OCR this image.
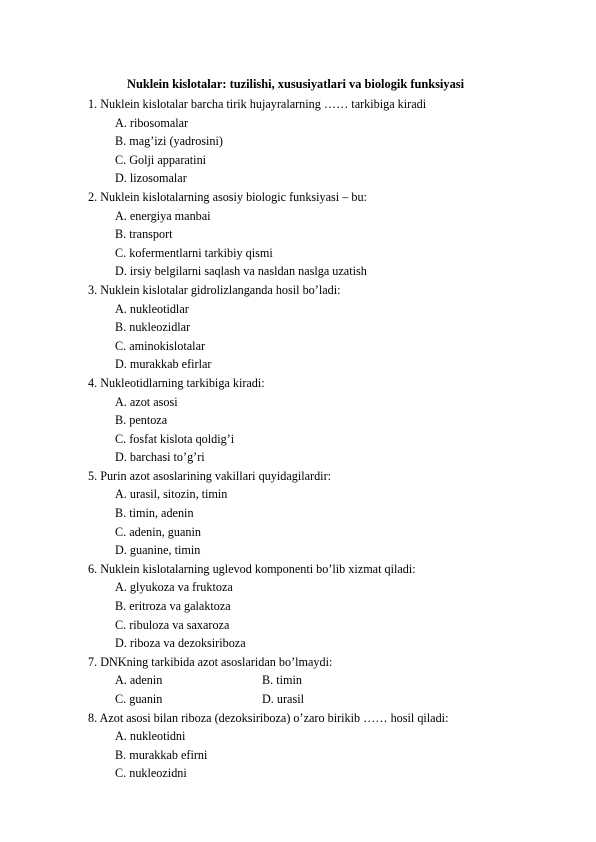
Nuklein kislotalar: tuzilishi, xususiyatlari va biologik funksiyasi
1. Nuklein kislotalar barcha tirik hujayralarning …… tarkibiga kiradi
A. ribosomalar
B. mag’izi (yadrosini)
C. Golji apparatini
D. lizosomalar
2. Nuklein kislotalarning asosiy biologic funksiyasi – bu:
A. energiya manbai
B. transport
C. kofermentlarni tarkibiy qismi
D. irsiy belgilarni saqlash va nasldan naslga uzatish
3. Nuklein kislotalar gidrolizlanganda hosil bo’ladi:
A. nukleotidlar
B. nukleozidlar
C. aminokislotalar
D. murakkab efirlar
4. Nukleotidlarning tarkibiga kiradi:
A. azot asosi
B. pentoza
C. fosfat kislota qoldig’i
D. barchasi to’g’ri
5. Purin azot asoslarining vakillari quyidagilardir:
A. urasil, sitozin, timin
B. timin, adenin
C. adenin, guanin
D. guanine, timin
6. Nuklein kislotalarning uglevod komponenti bo’lib xizmat qiladi:
A. glyukoza va fruktoza
B. eritroza va galaktoza
C. ribuloza va saxaroza
D. riboza va dezoksiriboza
7. DNKning tarkibida azot asoslaridan bo’lmaydi:
A. adenin	B. timin
C. guanin	D. urasil
8. Azot asosi bilan riboza (dezoksiriboza) o’zaro birikib …… hosil qiladi:
A. nukleotidni
B. murakkab efirni
C. nukleozidni
